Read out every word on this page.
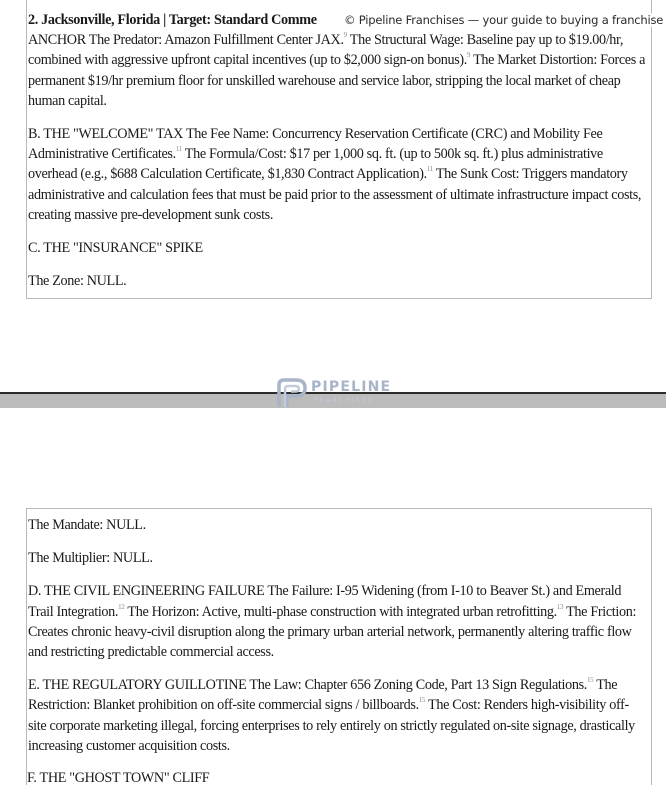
2. Jacksonville, Florida | Target: Standard Comme
ANCHOR The Predator: Amazon Fulfillment Center JAX.$^9$ The Structural Wage: Baseline pay up to $19.00/hr, combined with aggressive upfront capital incentives (up to $2,000 sign-on bonus).$^9$ The Market Distortion: Forces a permanent $19/hr premium floor for unskilled warehouse and service labor, stripping the local market of cheap human capital.

B. THE "WELCOME" TAX The Fee Name: Concurrency Reservation Certificate (CRC) and Mobility Fee Administrative Certificates.$^{11}$ The Formula/Cost: $17 per 1,000 sq. ft. (up to 500k sq. ft.) plus administrative overhead (e.g., $688 Calculation Certificate, $1,830 Contract Application).$^{11}$ The Sunk Cost: Triggers mandatory administrative and calculation fees that must be paid prior to the assessment of ultimate infrastructure impact costs, creating massive pre-development sunk costs.

C. THE "INSURANCE" SPIKE

The Zone: NULL.

© Pipeline Franchises — your guide to buying a franchise
PIPELINE
FRANCHISES

The Mandate: NULL.

The Multiplier: NULL.

D. THE CIVIL ENGINEERING FAILURE The Failure: I-95 Widening (from I-10 to Beaver St.) and Emerald Trail Integration.$^{12}$ The Horizon: Active, multi-phase construction with integrated urban retrofitting.$^{13}$ The Friction: Creates chronic heavy-civil disruption along the primary urban arterial network, permanently altering traffic flow and restricting predictable commercial access.

E. THE REGULATORY GUILLOTINE The Law: Chapter 656 Zoning Code, Part 13 Sign Regulations.$^{15}$ The Restriction: Blanket prohibition on off-site commercial signs / billboards.$^{15}$ The Cost: Renders high-visibility off-site corporate marketing illegal, forcing enterprises to rely entirely on strictly regulated on-site signage, drastically increasing customer acquisition costs.

F. THE "GHOST TOWN" CLIFF
